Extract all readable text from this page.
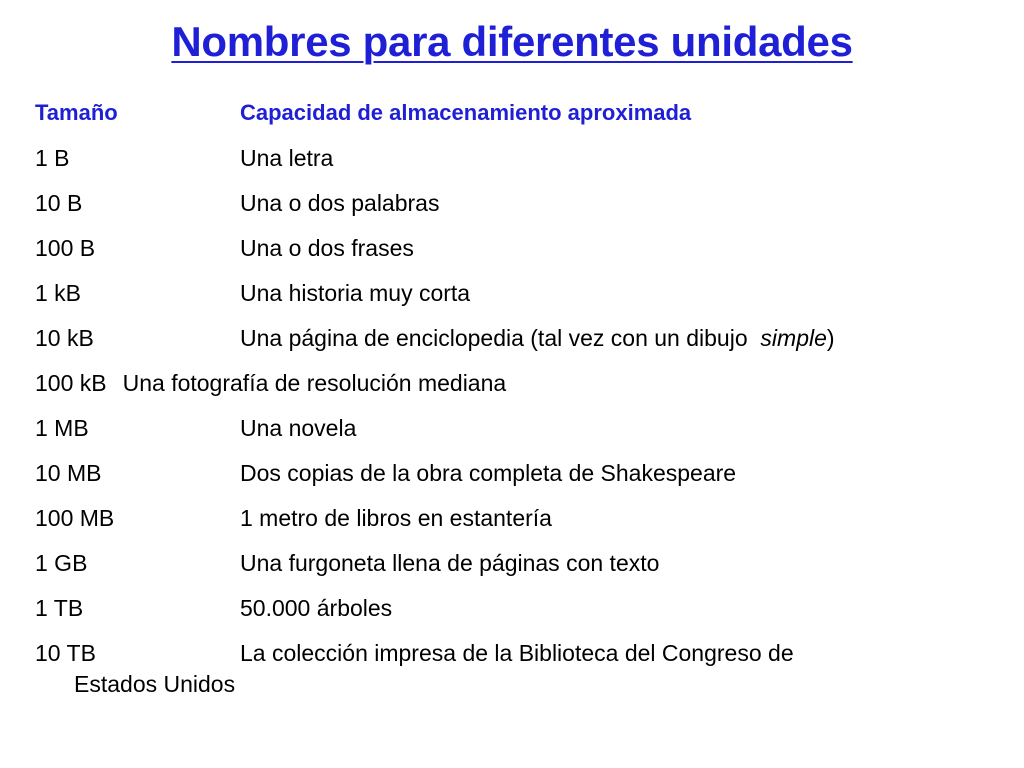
Nombres para diferentes unidades
Tamaño	Capacidad de almacenamiento aproximada
1 B	Una letra
10 B	Una o dos palabras
100 B	Una o dos frases
1 kB	Una historia muy corta
10 kB	Una página de enciclopedia (tal vez con un dibujo simple)
100 kB Una fotografía de resolución mediana
1 MB	Una novela
10 MB	Dos copias de la obra completa de Shakespeare
100 MB	1 metro de libros en estantería
1 GB	Una furgoneta llena de páginas con texto
1 TB	50.000 árboles
10 TB	La colección impresa de la Biblioteca del Congreso de
Estados Unidos
